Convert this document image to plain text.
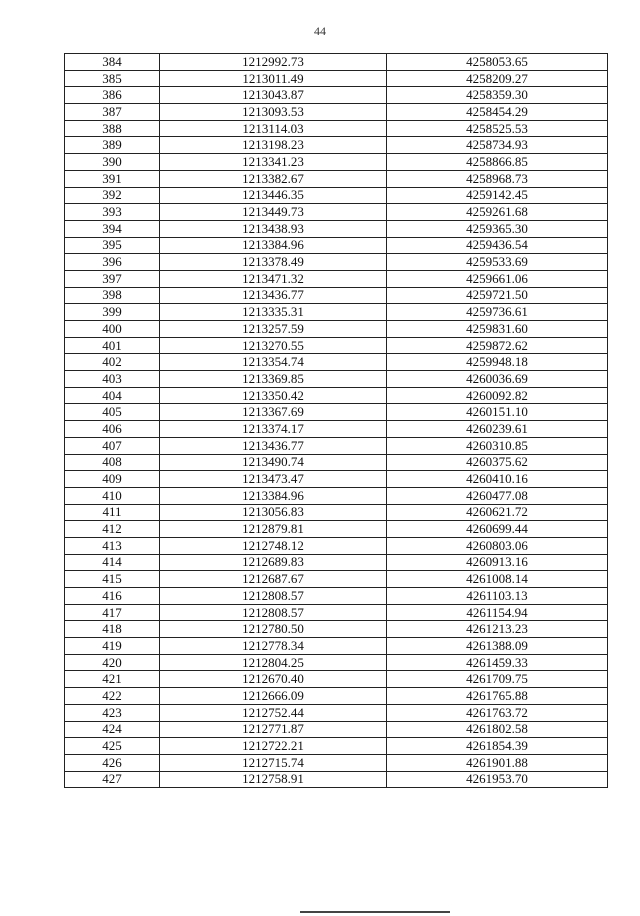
44
384	1212992.73	4258053.65
385	1213011.49	4258209.27
386	1213043.87	4258359.30
387	1213093.53	4258454.29
388	1213114.03	4258525.53
389	1213198.23	4258734.93
390	1213341.23	4258866.85
391	1213382.67	4258968.73
392	1213446.35	4259142.45
393	1213449.73	4259261.68
394	1213438.93	4259365.30
395	1213384.96	4259436.54
396	1213378.49	4259533.69
397	1213471.32	4259661.06
398	1213436.77	4259721.50
399	1213335.31	4259736.61
400	1213257.59	4259831.60
401	1213270.55	4259872.62
402	1213354.74	4259948.18
403	1213369.85	4260036.69
404	1213350.42	4260092.82
405	1213367.69	4260151.10
406	1213374.17	4260239.61
407	1213436.77	4260310.85
408	1213490.74	4260375.62
409	1213473.47	4260410.16
410	1213384.96	4260477.08
411	1213056.83	4260621.72
412	1212879.81	4260699.44
413	1212748.12	4260803.06
414	1212689.83	4260913.16
415	1212687.67	4261008.14
416	1212808.57	4261103.13
417	1212808.57	4261154.94
418	1212780.50	4261213.23
419	1212778.34	4261388.09
420	1212804.25	4261459.33
421	1212670.40	4261709.75
422	1212666.09	4261765.88
423	1212752.44	4261763.72
424	1212771.87	4261802.58
425	1212722.21	4261854.39
426	1212715.74	4261901.88
427	1212758.91	4261953.70
